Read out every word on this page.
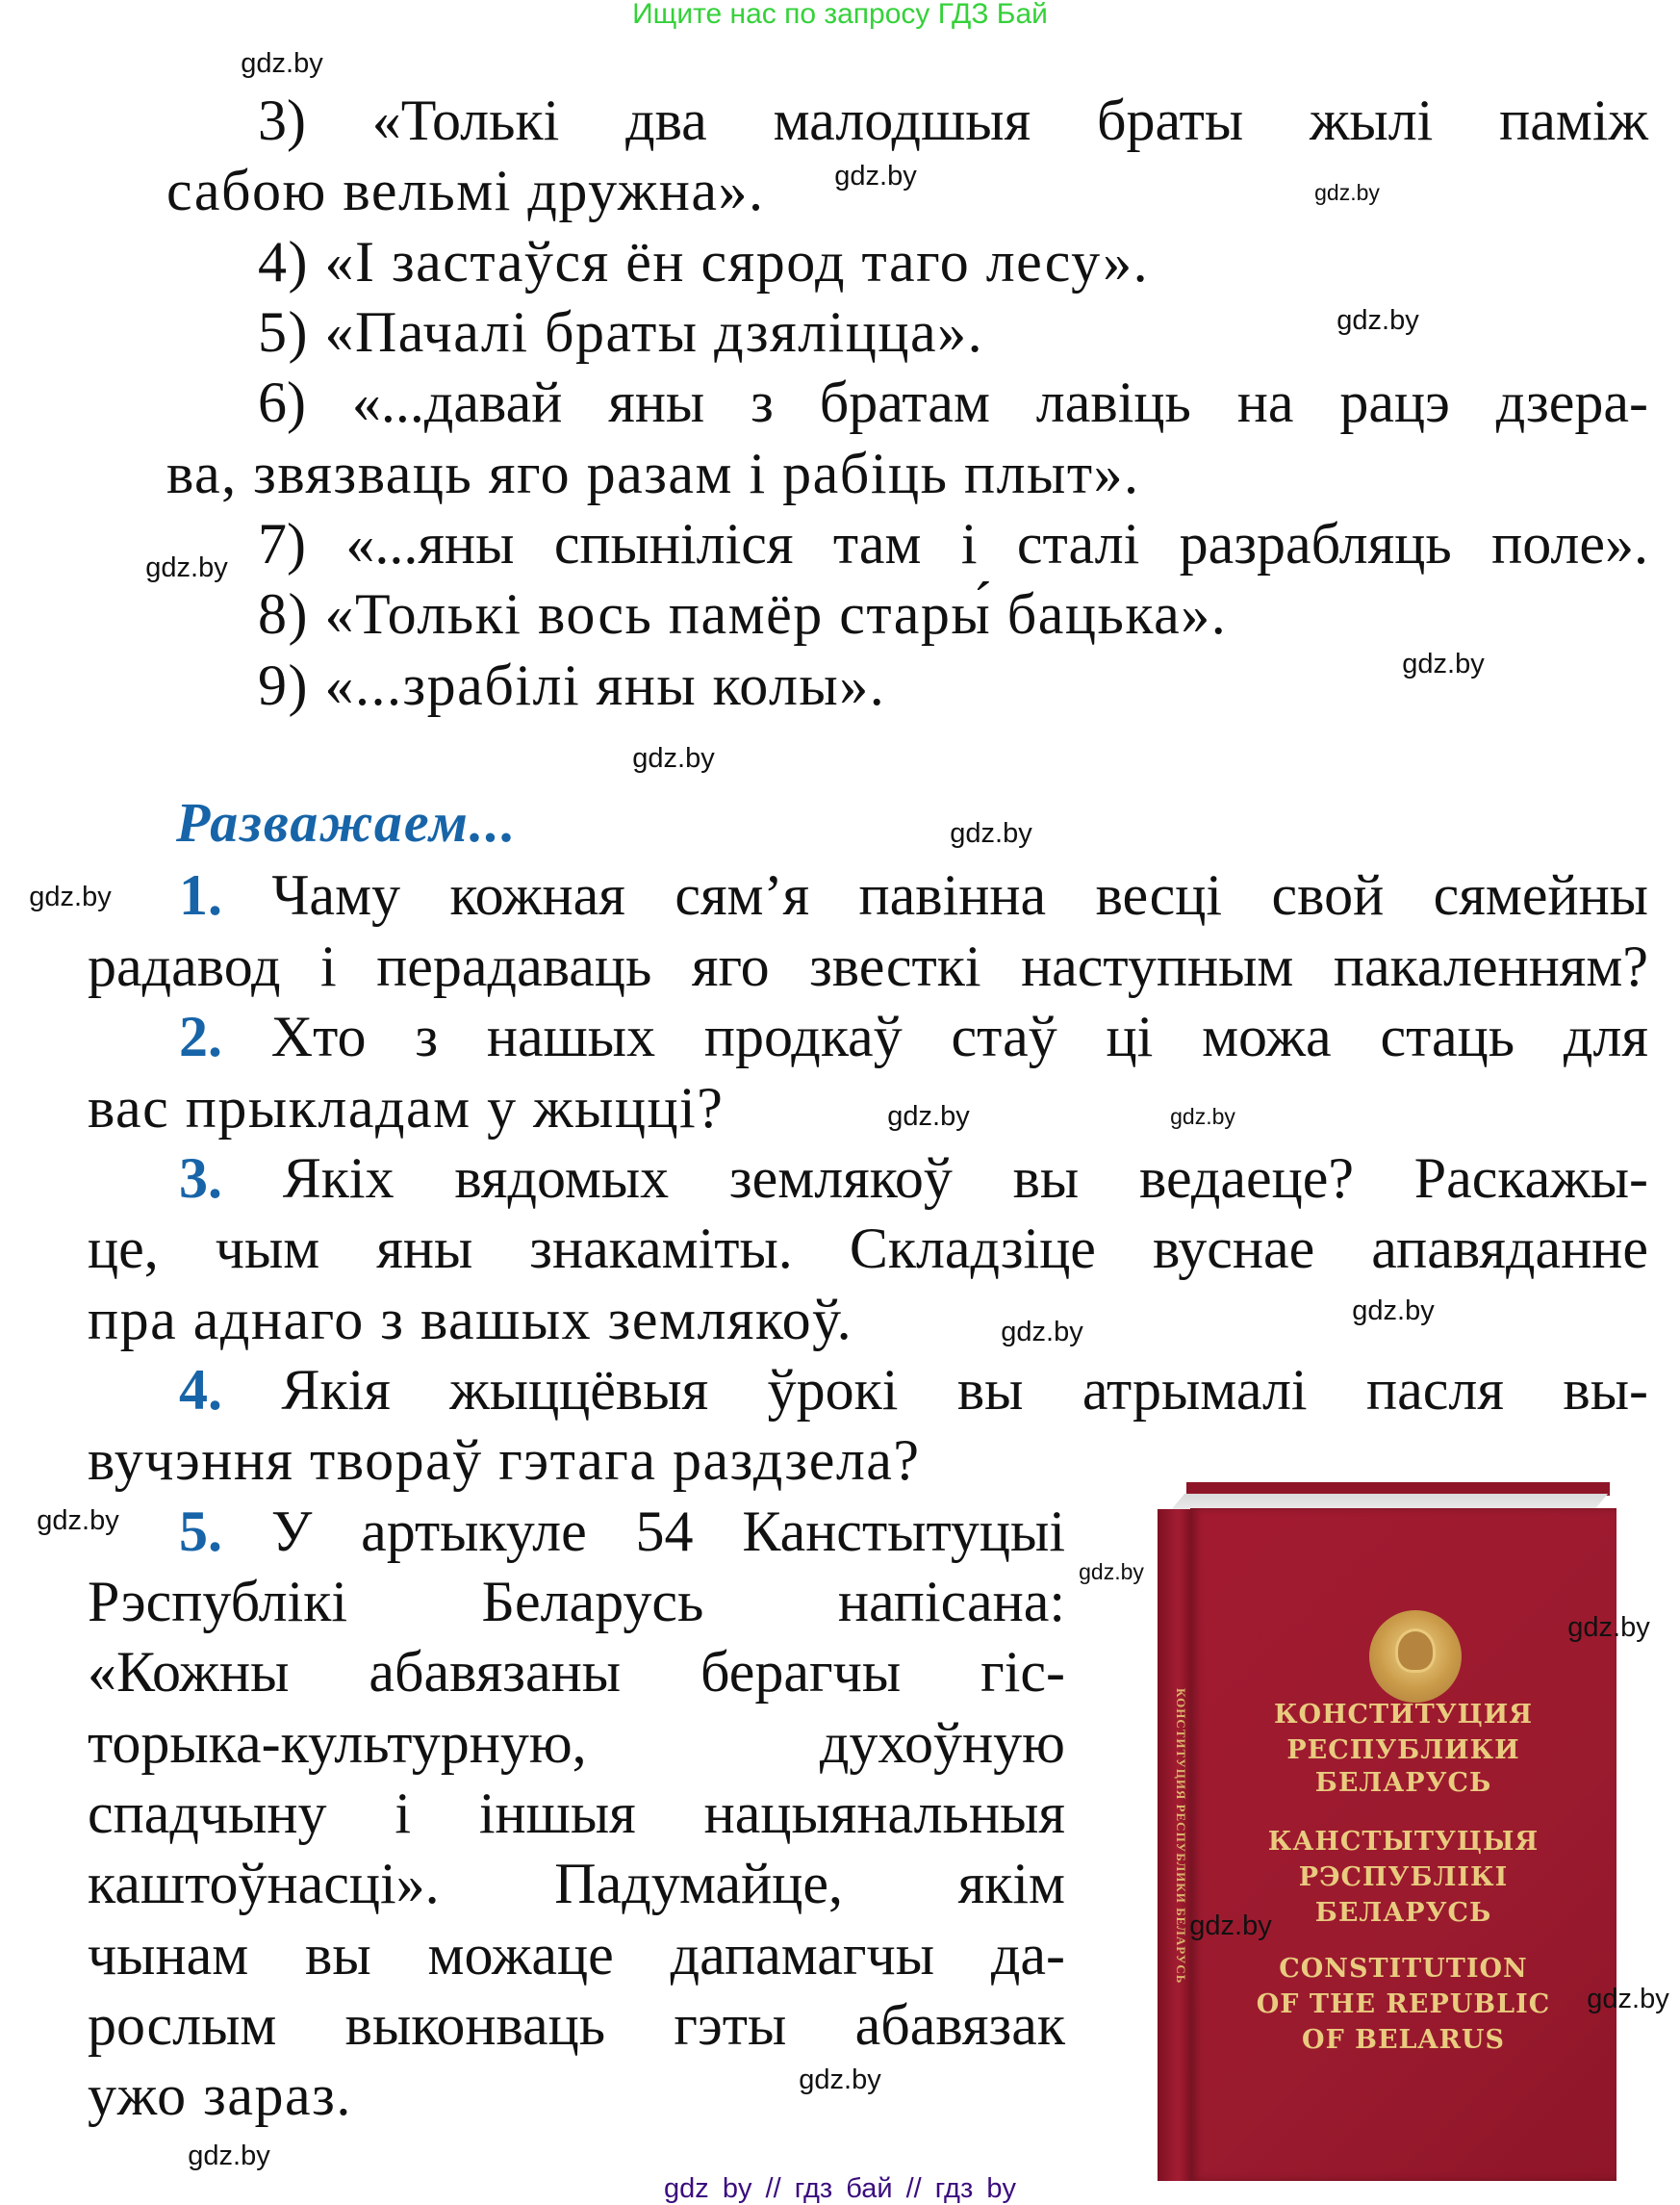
Ищите нас по запросу ГДЗ Бай
3) «Толькі два малодшыя браты жылі паміж
сабою вельмі дружна».
4) «І застаўся ён сярод таго лесу».
5) «Пачалі браты дзяліцца».
6) «...давай яны з братам лавіць на рацэ дзера-
ва, звязваць яго разам і рабіць плыт».
7) «...яны спыніліся там і сталі разрабляць поле».
8) «Толькі вось памёр стары́ бацька».
9) «...зрабілі яны колы».
Разважаем...
1. Чаму кожная сям’я павінна весці свой сямейны
радавод і перадаваць яго звесткі наступным пакаленням?
2. Хто з нашых продкаў стаў ці можа стаць для
вас прыкладам у жыцці?
3. Якіх вядомых землякоў вы ведаеце? Раскажы-
це, чым яны знакаміты. Складзіце вуснае апавяданне
пра аднаго з вашых землякоў.
4. Якія жыццёвыя ўрокі вы атрымалі пасля вы-
вучэння твораў гэтага раздзела?
5. У артыкуле 54 Канстытуцыі
Рэспублікі Беларусь напісана:
«Кожны абавязаны берагчы гіс-
торыка-культурную, духоўную
спадчыну і іншыя нацыянальныя
каштоўнасці». Падумайце, якім
чынам вы можаце дапамагчы да-
рослым выконваць гэты абавязак
ужо зараз.
КОНСТИТУЦИЯ РЕСПУБЛИКИ БЕЛАРУСЬ	КОНСТИТУЦИЯ
РЕСПУБЛИКИ
БЕЛАРУСЬ
КАНСТЫТУЦЫЯ
РЭСПУБЛІКІ
БЕЛАРУСЬ
CONSTITUTION
OF THE REPUBLIC
OF BELARUS
gdz.by
gdz.by
gdz.by
gdz.by
gdz.by
gdz.by
gdz.by
gdz.by
gdz.by
gdz.by
gdz.by
gdz.by
gdz.by
gdz.by
gdz.by
gdz.by
gdz.by
gdz.by
gdz.by
gdz.by
gdz by // гдз бай // гдз by
